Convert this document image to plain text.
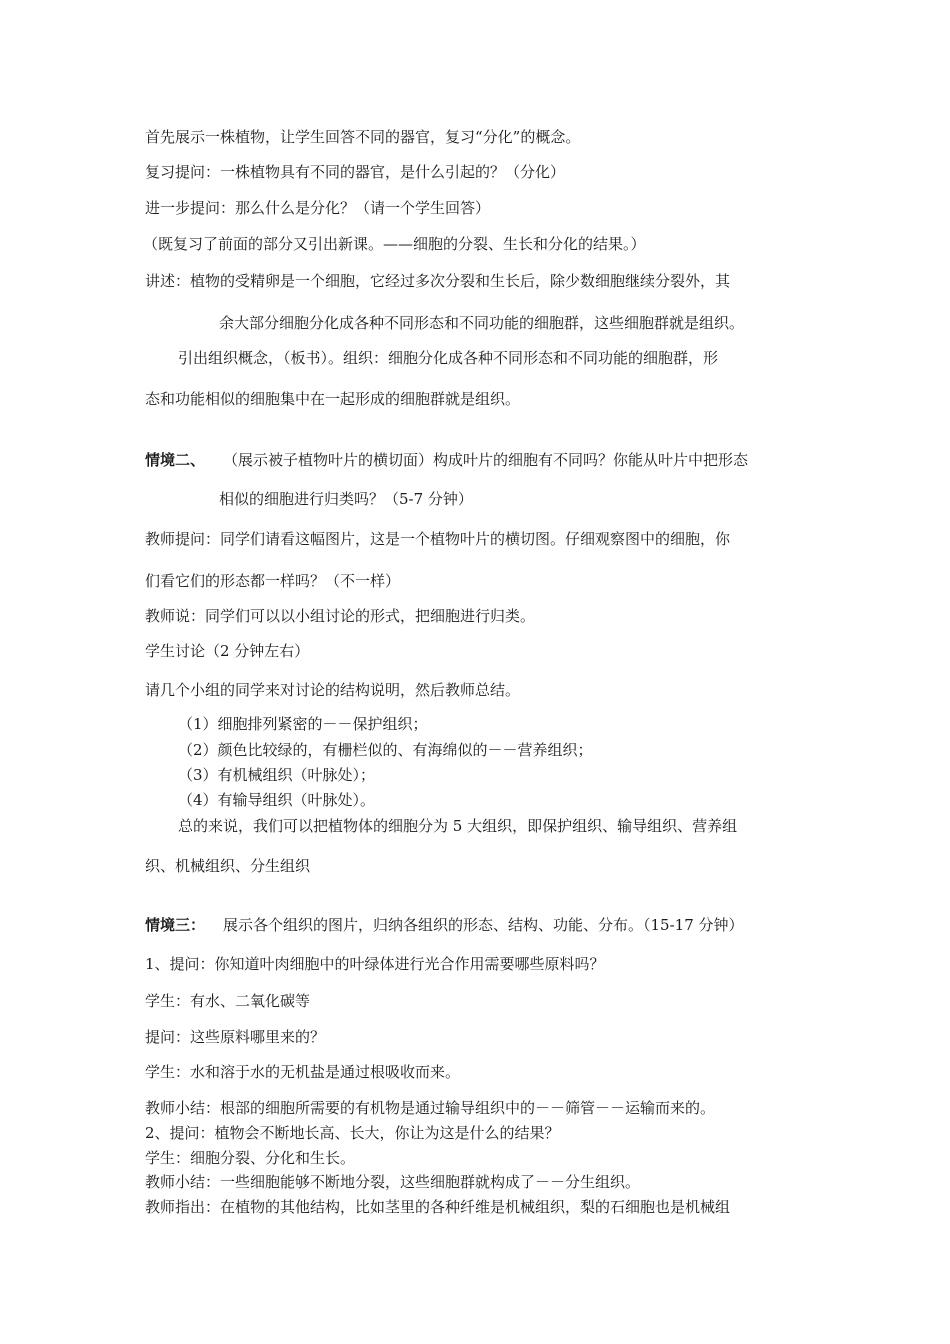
首先展示一株植物，让学生回答不同的器官，复习“分化”的概念。
复习提问：一株植物具有不同的器官，是什么引起的？（分化）
进一步提问：那么什么是分化？（请一个学生回答）
（既复习了前面的部分又引出新课。——细胞的分裂、生长和分化的结果。）
讲述：植物的受精卵是一个细胞，它经过多次分裂和生长后，除少数细胞继续分裂外，其
余大部分细胞分化成各种不同形态和不同功能的细胞群，这些细胞群就是组织。
引出组织概念，（板书）。组织：细胞分化成各种不同形态和不同功能的细胞群，形
态和功能相似的细胞集中在一起形成的细胞群就是组织。
情境二、 （展示被子植物叶片的横切面）构成叶片的细胞有不同吗？你能从叶片中把形态
相似的细胞进行归类吗？（5-7 分钟）
教师提问：同学们请看这幅图片，这是一个植物叶片的横切图。仔细观察图中的细胞，你
们看它们的形态都一样吗？（不一样）
教师说：同学们可以以小组讨论的形式，把细胞进行归类。
学生讨论（2 分钟左右）
请几个小组的同学来对讨论的结构说明，然后教师总结。
（1）细胞排列紧密的－－保护组织；
（2）颜色比较绿的，有栅栏似的、有海绵似的－－营养组织；
（3）有机械组织（叶脉处）；
（4）有输导组织（叶脉处）。
总的来说，我们可以把植物体的细胞分为 5 大组织，即保护组织、输导组织、营养组
织、机械组织、分生组织
情境三： 展示各个组织的图片，归纳各组织的形态、结构、功能、分布。（15-17 分钟）
1、提问：你知道叶肉细胞中的叶绿体进行光合作用需要哪些原料吗？
学生：有水、二氧化碳等
提问：这些原料哪里来的？
学生：水和溶于水的无机盐是通过根吸收而来。
教师小结：根部的细胞所需要的有机物是通过输导组织中的－－筛管－－运输而来的。
2、提问：植物会不断地长高、长大，你让为这是什么的结果？
学生：细胞分裂、分化和生长。
教师小结：一些细胞能够不断地分裂，这些细胞群就构成了－－分生组织。
教师指出：在植物的其他结构，比如茎里的各种纤维是机械组织，梨的石细胞也是机械组
